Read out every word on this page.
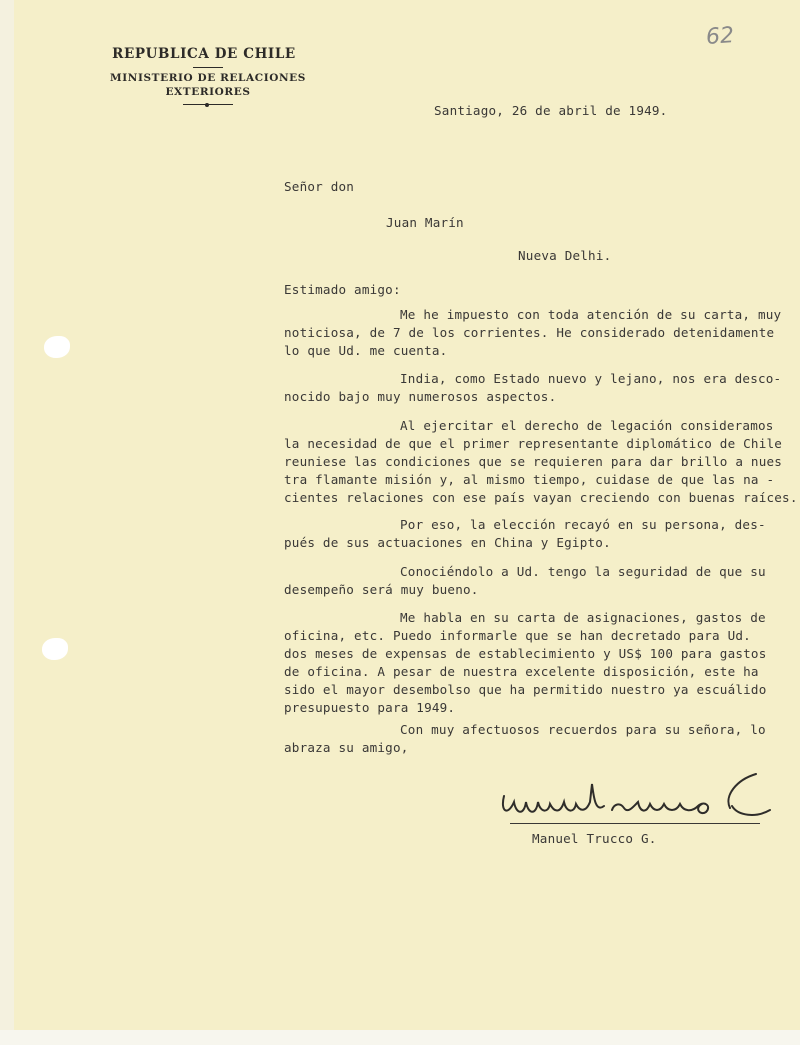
REPUBLICA DE CHILE
MINISTERIO DE RELACIONES
EXTERIORES
62
Santiago, 26 de abril de 1949.
Señor don
Juan Marín
Nueva Delhi.
Estimado amigo:
Me he impuesto con toda atención de su carta, muy
noticiosa, de 7 de los corrientes. He considerado detenidamente
lo que Ud. me cuenta.
India, como Estado nuevo y lejano, nos era desco-
nocido bajo muy numerosos aspectos.
Al ejercitar el derecho de legación consideramos
la necesidad de que el primer representante diplomático de Chile
reuniese las condiciones que se requieren para dar brillo a nues
tra flamante misión y, al mismo tiempo, cuidase de que las na -
cientes relaciones con ese país vayan creciendo con buenas raíces.
Por eso, la elección recayó en su persona, des-
pués de sus actuaciones en China y Egipto.
Conociéndolo a Ud. tengo la seguridad de que su
desempeño será muy bueno.
Me habla en su carta de asignaciones, gastos de
oficina, etc. Puedo informarle que se han decretado para Ud.
dos meses de expensas de establecimiento y US$ 100 para gastos
de oficina. A pesar de nuestra excelente disposición, este ha
sido el mayor desembolso que ha permitido nuestro ya escuálido
presupuesto para 1949.
Con muy afectuosos recuerdos para su señora, lo
abraza su amigo,
Manuel Trucco G.
